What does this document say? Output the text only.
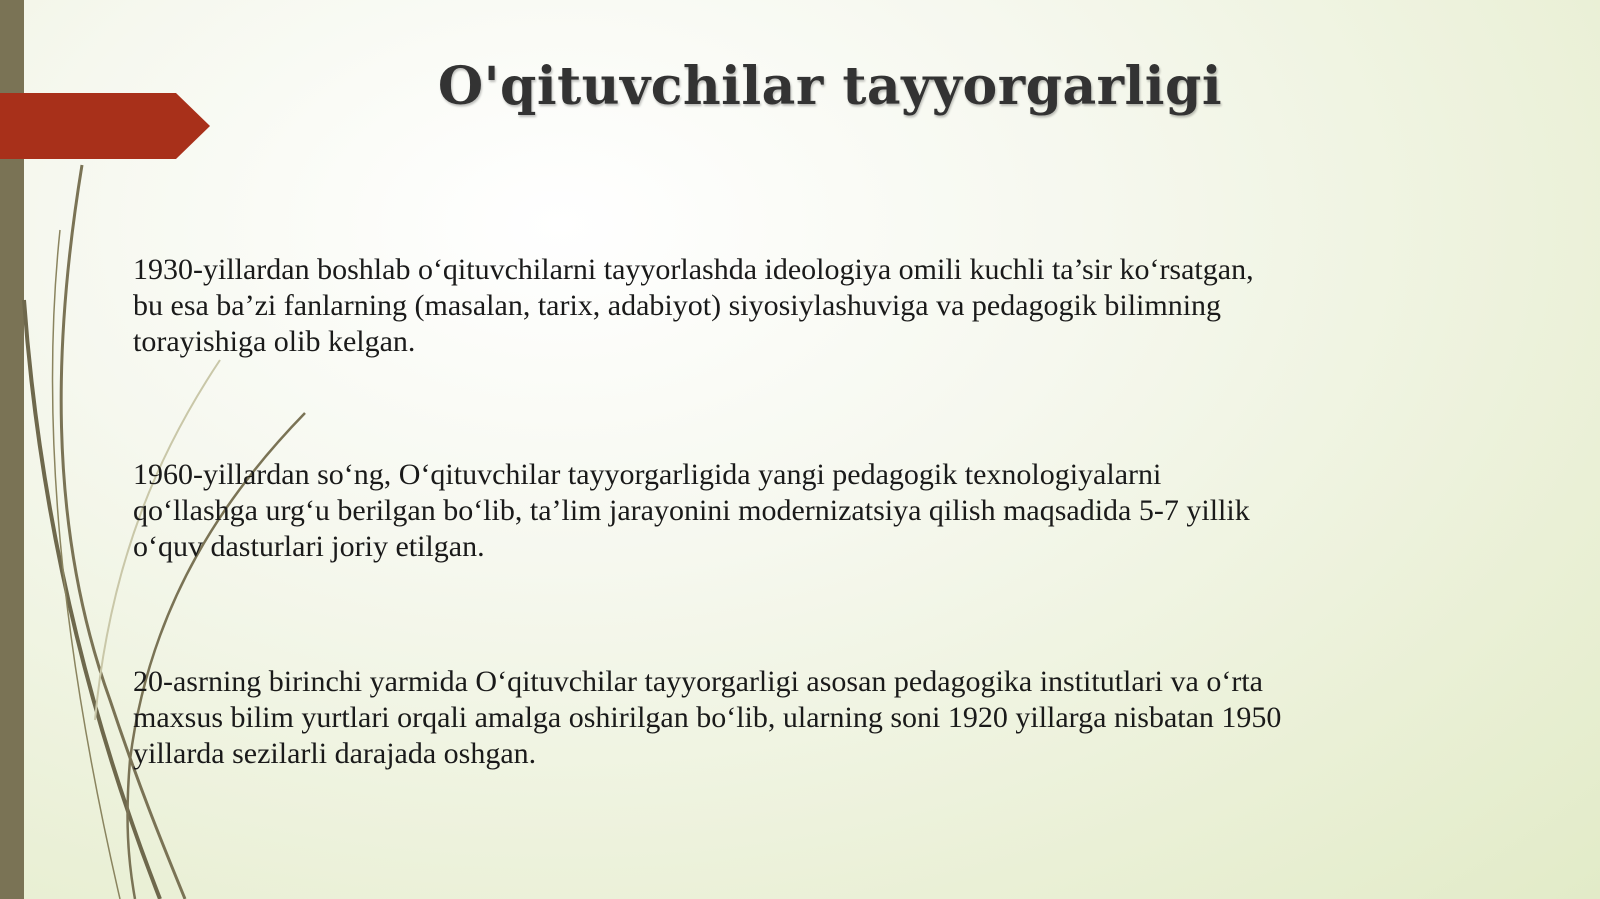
O'qituvchilar tayyorgarligi

1930-yillardan boshlab o‘qituvchilarni tayyorlashda ideologiya omili kuchli ta’sir ko‘rsatgan,
bu esa ba’zi fanlarning (masalan, tarix, adabiyot) siyosiylashuviga va pedagogik bilimning
torayishiga olib kelgan.

1960-yillardan so‘ng, O‘qituvchilar tayyorgarligida yangi pedagogik texnologiyalarni
qo‘llashga urg‘u berilgan bo‘lib, ta’lim jarayonini modernizatsiya qilish maqsadida 5-7 yillik
o‘quv dasturlari joriy etilgan.

20-asrning birinchi yarmida O‘qituvchilar tayyorgarligi asosan pedagogika institutlari va o‘rta
maxsus bilim yurtlari orqali amalga oshirilgan bo‘lib, ularning soni 1920 yillarga nisbatan 1950
yillarda sezilarli darajada oshgan.
